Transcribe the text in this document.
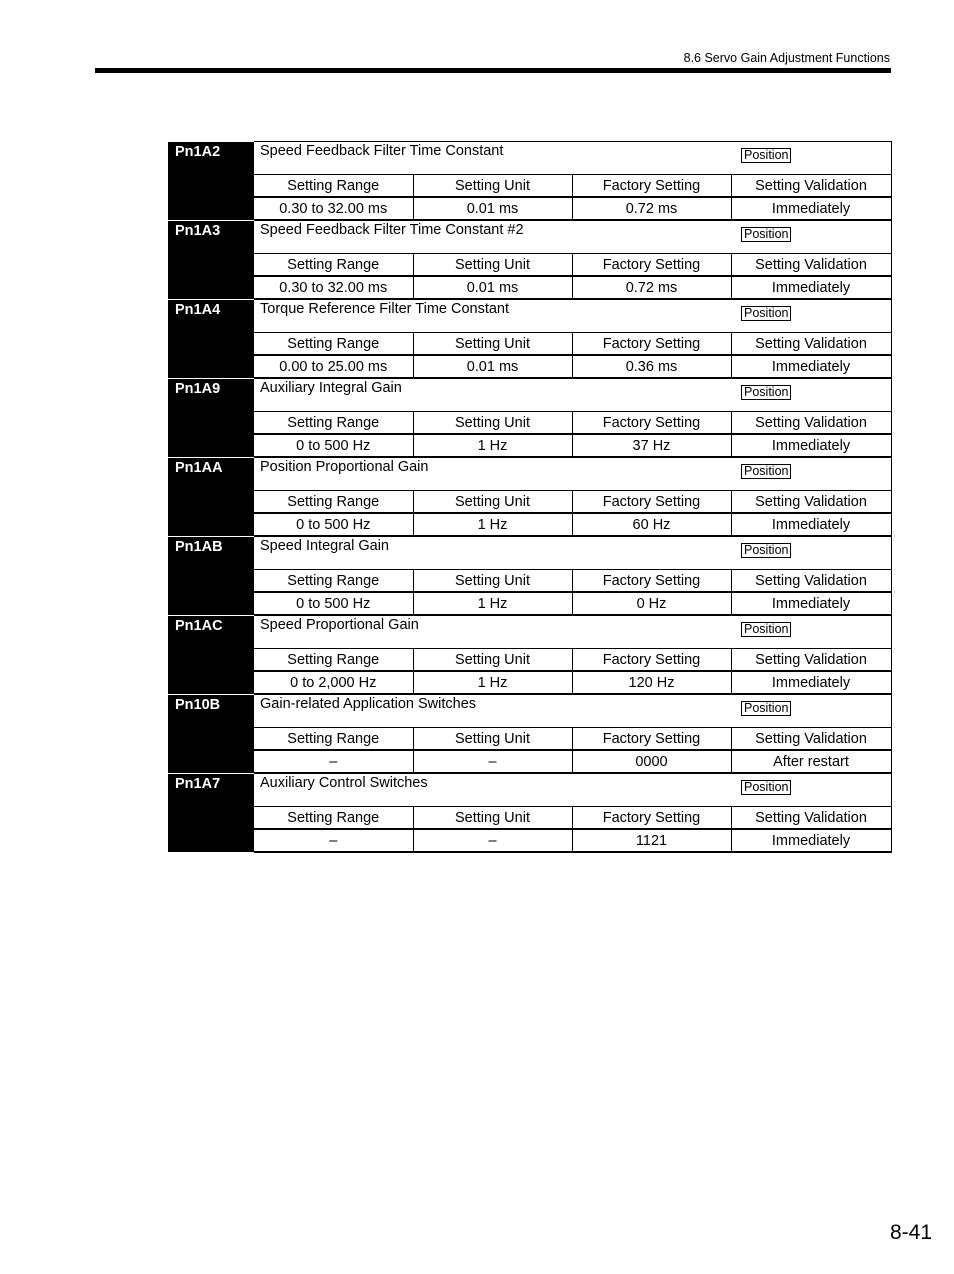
8.6 Servo Gain Adjustment Functions
Pn1A2	Speed Feedback Filter Time Constant Position			

	Setting Range	Setting Unit	Factory Setting	Setting Validation
	0.30 to 32.00 ms	0.01 ms	0.72 ms	Immediately
Pn1A3	Speed Feedback Filter Time Constant #2 Position			

	Setting Range	Setting Unit	Factory Setting	Setting Validation
	0.30 to 32.00 ms	0.01 ms	0.72 ms	Immediately
Pn1A4	Torque Reference Filter Time Constant Position			

	Setting Range	Setting Unit	Factory Setting	Setting Validation
	0.00 to 25.00 ms	0.01 ms	0.36 ms	Immediately
Pn1A9	Auxiliary Integral Gain Position			

	Setting Range	Setting Unit	Factory Setting	Setting Validation
	0 to 500 Hz	1 Hz	37 Hz	Immediately
Pn1AA	Position Proportional Gain Position			

	Setting Range	Setting Unit	Factory Setting	Setting Validation
	0 to 500 Hz	1 Hz	60 Hz	Immediately
Pn1AB	Speed Integral Gain Position			

	Setting Range	Setting Unit	Factory Setting	Setting Validation
	0 to 500 Hz	1 Hz	0 Hz	Immediately
Pn1AC	Speed Proportional Gain Position			

	Setting Range	Setting Unit	Factory Setting	Setting Validation
	0 to 2,000 Hz	1 Hz	120 Hz	Immediately
Pn10B	Gain-related Application Switches Position			

	Setting Range	Setting Unit	Factory Setting	Setting Validation
	–	–	0000	After restart
Pn1A7	Auxiliary Control Switches Position			

	Setting Range	Setting Unit	Factory Setting	Setting Validation
	–	–	1121	Immediately
8-41
